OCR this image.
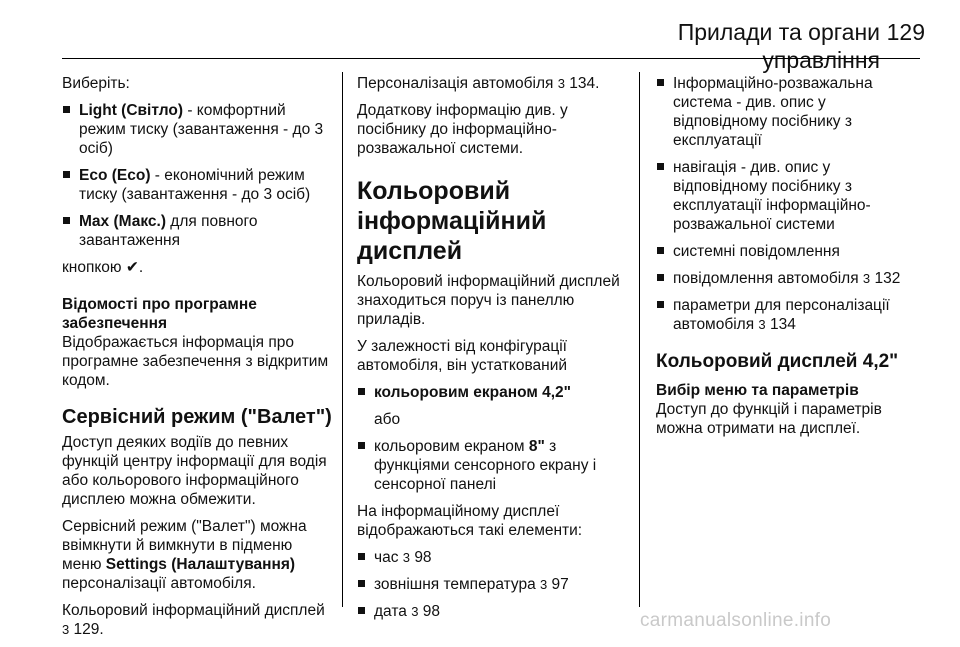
Прилади та органи управління
129

Виберіть:

Light (Світло) - комфортний режим тиску (завантаження - до 3 осіб)
Eco (Eco) - економічний режим тиску (завантаження - до 3 осіб)
Max (Макс.) для повного завантаження

кнопкою ✔.

Відомості про програмне забезпечення

Відображається інформація про програмне забезпечення з відкритим кодом.

Сервісний режим ("Валет")

Доступ деяких водіїв до певних функцій центру інформації для водія або кольорового інформаційного дисплею можна обмежити.

Сервісний режим ("Валет") можна ввімкнути й вимкнути в підменю меню Settings (Налаштування) персоналізації автомобіля.

Кольоровий інформаційний дисплей 3 129.

Персоналізація автомобіля 3 134.

Додаткову інформацію див. у посібнику до інформаційно-розважальної системи.

Кольоровий інформаційний дисплей

Кольоровий інформаційний дисплей знаходиться поруч із панеллю приладів.

У залежності від конфігурації автомобіля, він устаткований

кольоровим екраном 4,2"
або
кольоровим екраном 8" з функціями сенсорного екрану і сенсорної панелі

На інформаційному дисплеї відображаються такі елементи:

час 3 98
зовнішня температура 3 97
дата 3 98
Інформаційно-розважальна система - див. опис у відповідному посібнику з експлуатації
навігація - див. опис у відповідному посібнику з експлуатації інформаційно-розважальної системи
системні повідомлення
повідомлення автомобіля 3 132
параметри для персоналізації автомобіля 3 134
Кольоровий дисплей 4,2"
Вибір меню та параметрів

Доступ до функцій і параметрів можна отримати на дисплеї.

carmanualsonline.info
